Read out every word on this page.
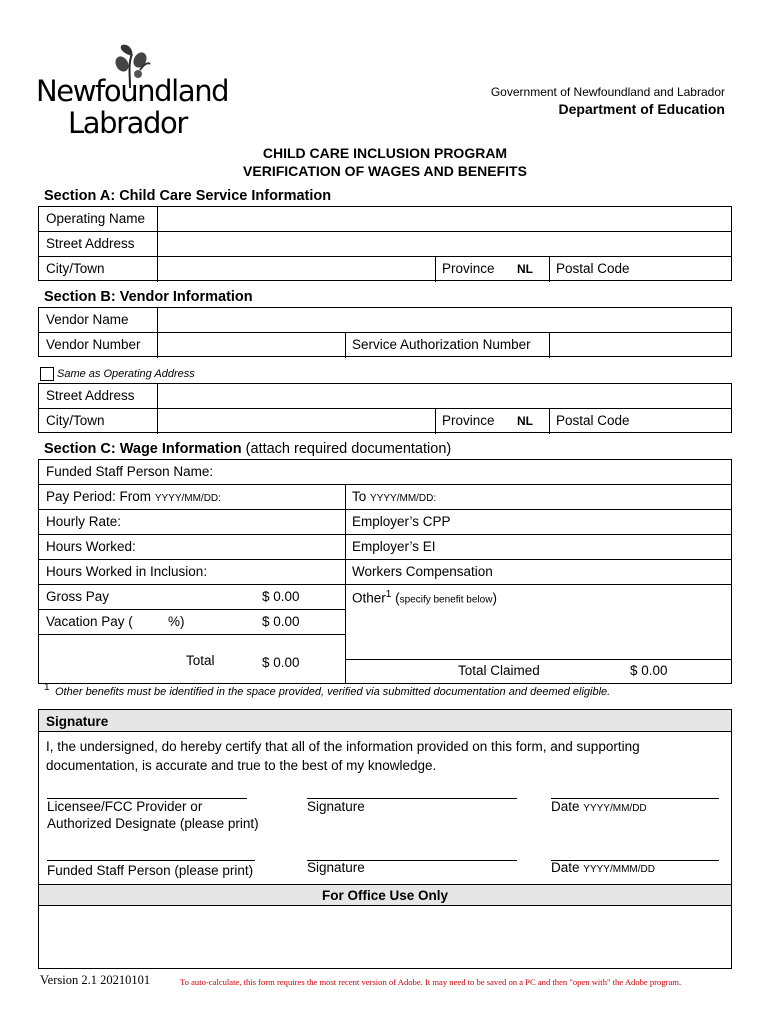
Newfoundland
Labrador
Government of Newfoundland and Labrador
Department of Education
CHILD CARE INCLUSION PROGRAM
VERIFICATION OF WAGES AND BENEFITS
Section A: Child Care Service Information
Operating Name
Street Address
City/Town	Province	NL	Postal Code
Section B: Vendor Information
Vendor Name
Vendor Number	Service Authorization Number
Same as Operating Address
Street Address
City/Town	Province	NL	Postal Code
Section C: Wage Information (attach required documentation)
Funded Staff Person Name:
Pay Period: From YYYY/MM/DD:	To YYYY/MM/DD:
Hourly Rate:	Employer’s CPP
Hours Worked:	Employer’s EI
Hours Worked in Inclusion:	Workers Compensation
Gross Pay	$ 0.00
Vacation Pay (	%)	$ 0.00
Total	$ 0.00
Other$^1$ (specify benefit below)
Total Claimed	$ 0.00
1 Other benefits must be identified in the space provided, verified via submitted documentation and deemed eligible.
Signature
I, the undersigned, do hereby certify that all of the information provided on this form, and supporting documentation, is accurate and true to the best of my knowledge.
Licensee/FCC Provider or
Authorized Designate (please print)
Signature	Date YYYY/MM/DD
Funded Staff Person (please print)	Signature	Date YYYY/MMM/DD
For Office Use Only
Version 2.1 20210101	To auto-calculate, this form requires the most recent version of Adobe. It may need to be saved on a PC and then "open with" the Adobe program.
